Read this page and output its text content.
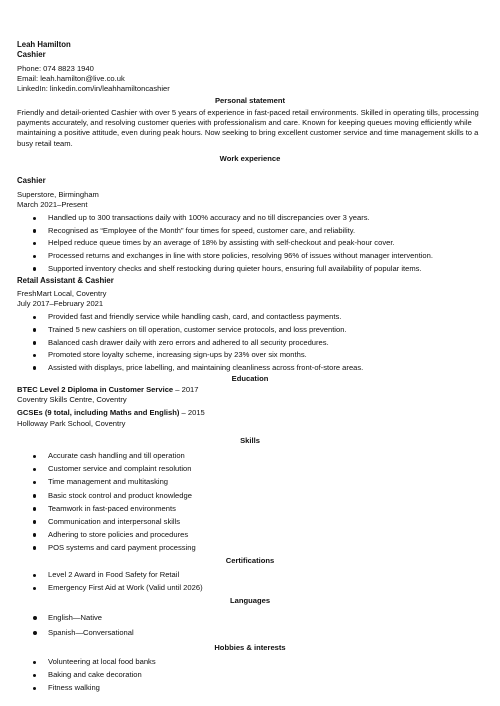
Leah Hamilton
Cashier
Phone: 074 8823 1940
Email: leah.hamilton@live.co.uk
LinkedIn: linkedin.com/in/leahhamiltoncashier
Personal statement

Friendly and detail-oriented Cashier with over 5 years of experience in fast-paced retail environments. Skilled in operating tills, processing payments accurately, and resolving customer queries with professionalism and care. Known for keeping queues moving efficiently while maintaining a positive attitude, even during peak hours. Now seeking to bring excellent customer service and time management skills to a busy retail team.

Work experience
Cashier
Superstore, Birmingham
March 2021–Present
Handled up to 300 transactions daily with 100% accuracy and no till discrepancies over 3 years.
Recognised as “Employee of the Month” four times for speed, customer care, and reliability.
Helped reduce queue times by an average of 18% by assisting with self-checkout and peak-hour cover.
Processed returns and exchanges in line with store policies, resolving 96% of issues without manager intervention.
Supported inventory checks and shelf restocking during quieter hours, ensuring full availability of popular items.
Retail Assistant & Cashier
FreshMart Local, Coventry
July 2017–February 2021
Provided fast and friendly service while handling cash, card, and contactless payments.
Trained 5 new cashiers on till operation, customer service protocols, and loss prevention.
Balanced cash drawer daily with zero errors and adhered to all security procedures.
Promoted store loyalty scheme, increasing sign-ups by 23% over six months.
Assisted with displays, price labelling, and maintaining cleanliness across front-of-store areas.
Education
BTEC Level 2 Diploma in Customer Service – 2017
Coventry Skills Centre, Coventry
GCSEs (9 total, including Maths and English) – 2015
Holloway Park School, Coventry
Skills
Accurate cash handling and till operation
Customer service and complaint resolution
Time management and multitasking
Basic stock control and product knowledge
Teamwork in fast-paced environments
Communication and interpersonal skills
Adhering to store policies and procedures
POS systems and card payment processing
Certifications
Level 2 Award in Food Safety for Retail
Emergency First Aid at Work (Valid until 2026)
Languages
English—Native
Spanish—Conversational
Hobbies & interests
Volunteering at local food banks
Baking and cake decoration
Fitness walking
